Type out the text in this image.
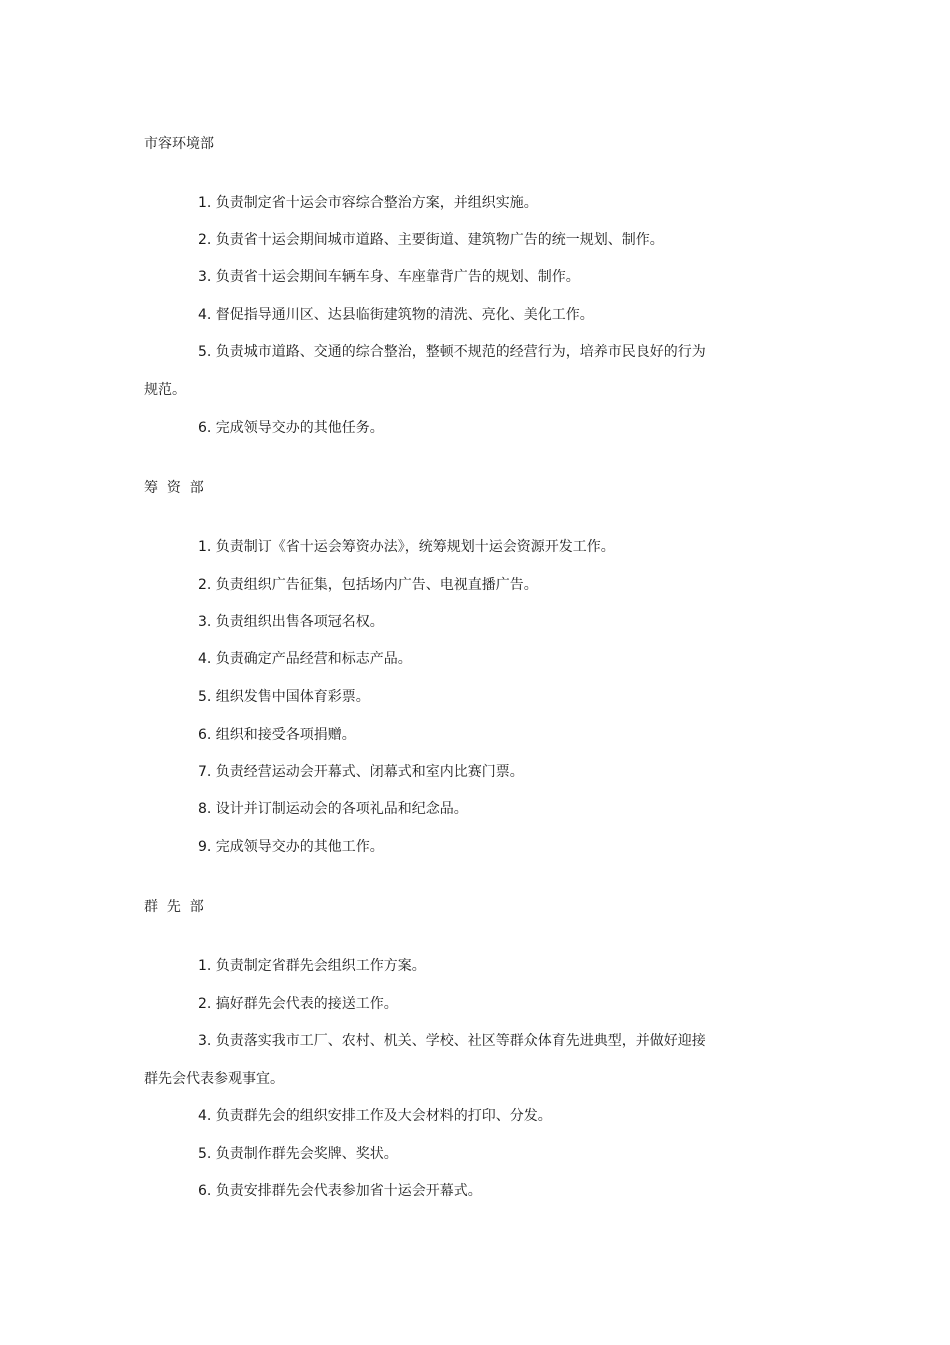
市容环境部
1. 负责制定省十运会市容综合整治方案，并组织实施。
2. 负责省十运会期间城市道路、主要街道、建筑物广告的统一规划、制作。
3. 负责省十运会期间车辆车身、车座靠背广告的规划、制作。
4. 督促指导通川区、达县临街建筑物的清洗、亮化、美化工作。
5. 负责城市道路、交通的综合整治，整顿不规范的经营行为，培养市民良好的行为
规范。
6. 完成领导交办的其他任务。
筹  资  部
1. 负责制订《省十运会筹资办法》，统筹规划十运会资源开发工作。
2. 负责组织广告征集，包括场内广告、电视直播广告。
3. 负责组织出售各项冠名权。
4. 负责确定产品经营和标志产品。
5. 组织发售中国体育彩票。
6. 组织和接受各项捐赠。
7. 负责经营运动会开幕式、闭幕式和室内比赛门票。
8. 设计并订制运动会的各项礼品和纪念品。
9. 完成领导交办的其他工作。
群  先  部
1. 负责制定省群先会组织工作方案。
2. 搞好群先会代表的接送工作。
3. 负责落实我市工厂、农村、机关、学校、社区等群众体育先进典型，并做好迎接
群先会代表参观事宜。
4. 负责群先会的组织安排工作及大会材料的打印、分发。
5. 负责制作群先会奖牌、奖状。
6. 负责安排群先会代表参加省十运会开幕式。
